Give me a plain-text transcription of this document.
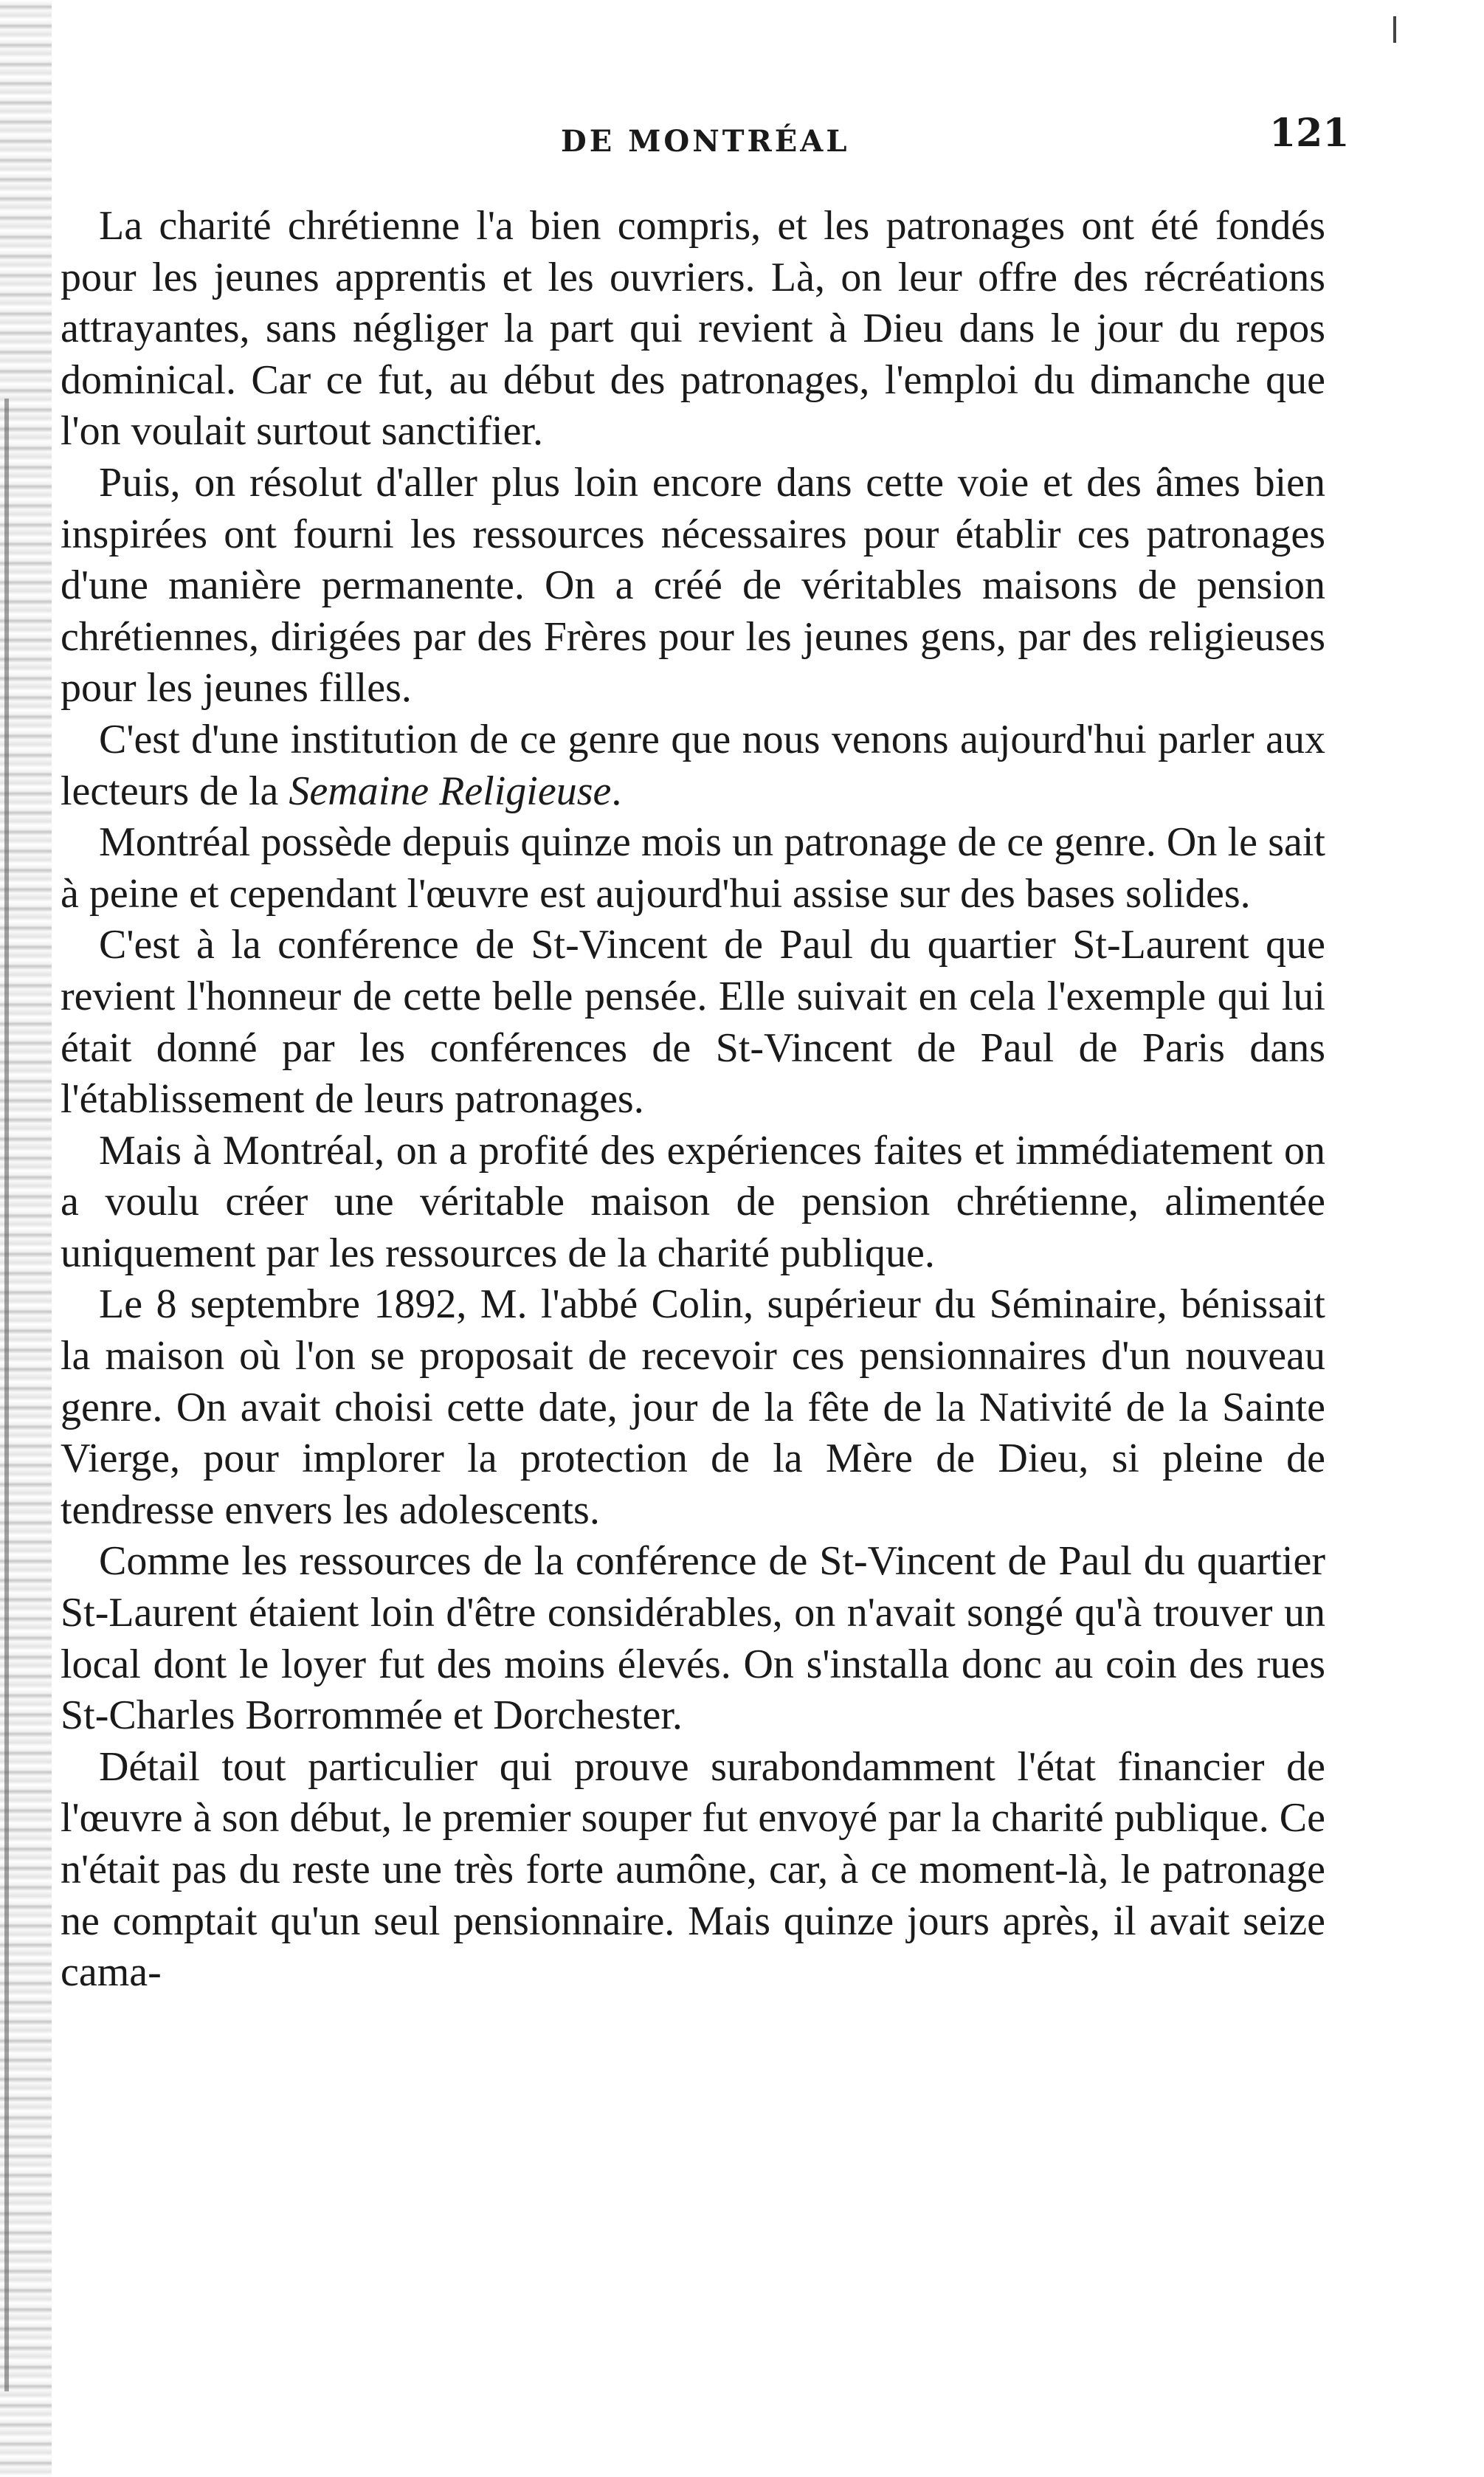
DE MONTRÉAL	121

La charité chrétienne l'a bien compris, et les patronages ont été fondés pour les jeunes apprentis et les ouvriers. Là, on leur offre des récréations attrayantes, sans négliger la part qui revient à Dieu dans le jour du repos dominical. Car ce fut, au début des patronages, l'emploi du dimanche que l'on voulait surtout sanctifier.

Puis, on résolut d'aller plus loin encore dans cette voie et des âmes bien inspirées ont fourni les ressources nécessaires pour établir ces patronages d'une manière permanente. On a créé de véritables maisons de pension chrétiennes, dirigées par des Frères pour les jeunes gens, par des religieuses pour les jeunes filles.

C'est d'une institution de ce genre que nous venons aujourd'hui parler aux lecteurs de la Semaine Religieuse.

Montréal possède depuis quinze mois un patronage de ce genre. On le sait à peine et cependant l'œuvre est aujourd'hui assise sur des bases solides.

C'est à la conférence de St-Vincent de Paul du quartier St-Laurent que revient l'honneur de cette belle pensée. Elle suivait en cela l'exemple qui lui était donné par les conférences de St-Vincent de Paul de Paris dans l'établissement de leurs patronages.

Mais à Montréal, on a profité des expériences faites et immédiatement on a voulu créer une véritable maison de pension chrétienne, alimentée uniquement par les ressources de la charité publique.

Le 8 septembre 1892, M. l'abbé Colin, supérieur du Séminaire, bénissait la maison où l'on se proposait de recevoir ces pensionnaires d'un nouveau genre. On avait choisi cette date, jour de la fête de la Nativité de la Sainte Vierge, pour implorer la protection de la Mère de Dieu, si pleine de tendresse envers les adolescents.

Comme les ressources de la conférence de St-Vincent de Paul du quartier St-Laurent étaient loin d'être considérables, on n'avait songé qu'à trouver un local dont le loyer fut des moins élevés. On s'installa donc au coin des rues St-Charles Borrommée et Dorchester.

Détail tout particulier qui prouve surabondamment l'état financier de l'œuvre à son début, le premier souper fut envoyé par la charité publique. Ce n'était pas du reste une très forte aumône, car, à ce moment-là, le patronage ne comptait qu'un seul pensionnaire. Mais quinze jours après, il avait seize cama-
